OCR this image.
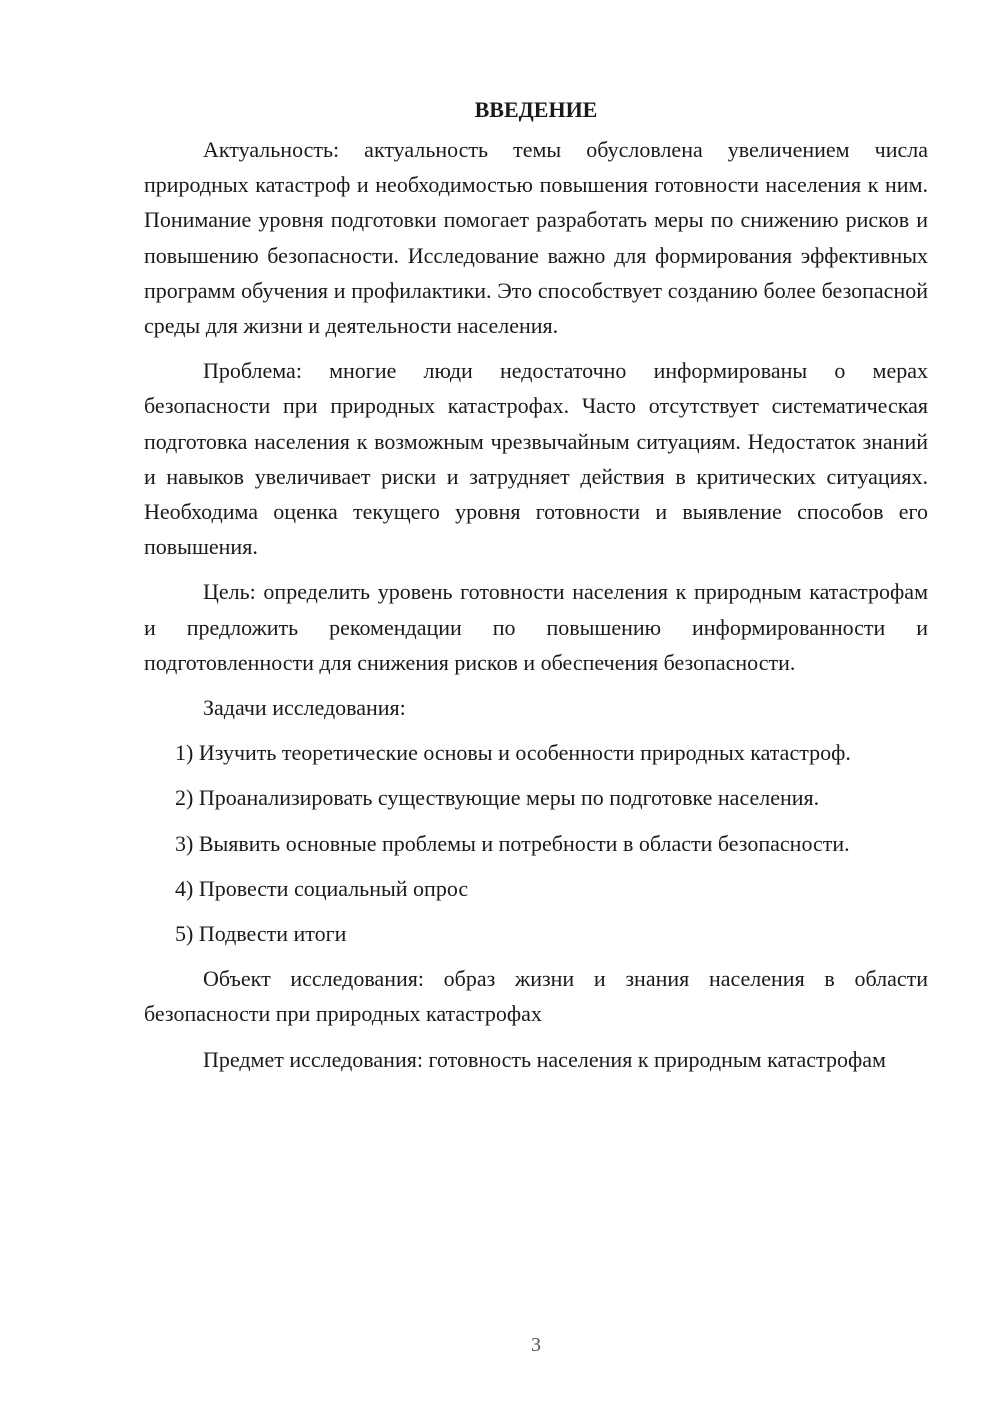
ВВЕДЕНИЕ

Актуальность: актуальность темы обусловлена увеличением числа природных катастроф и необходимостью повышения готовности населения к ним. Понимание уровня подготовки помогает разработать меры по снижению рисков и повышению безопасности. Исследование важно для формирования эффективных программ обучения и профилактики. Это способствует созданию более безопасной среды для жизни и деятельности населения.

Проблема: многие люди недостаточно информированы о мерах безопасности при природных катастрофах. Часто отсутствует систематическая подготовка населения к возможным чрезвычайным ситуациям. Недостаток знаний и навыков увеличивает риски и затрудняет действия в критических ситуациях. Необходима оценка текущего уровня готовности и выявление способов его повышения.

Цель: определить уровень готовности населения к природным катастрофам и предложить рекомендации по повышению информированности и подготовленности для снижения рисков и обеспечения безопасности.

Задачи исследования:

1) Изучить теоретические основы и особенности природных катастроф.

2) Проанализировать существующие меры по подготовке населения.

3) Выявить основные проблемы и потребности в области безопасности.

4) Провести социальный опрос

5) Подвести итоги

Объект исследования: образ жизни и знания населения в области безопасности при природных катастрофах

Предмет исследования: готовность населения к природным катастрофам

3
